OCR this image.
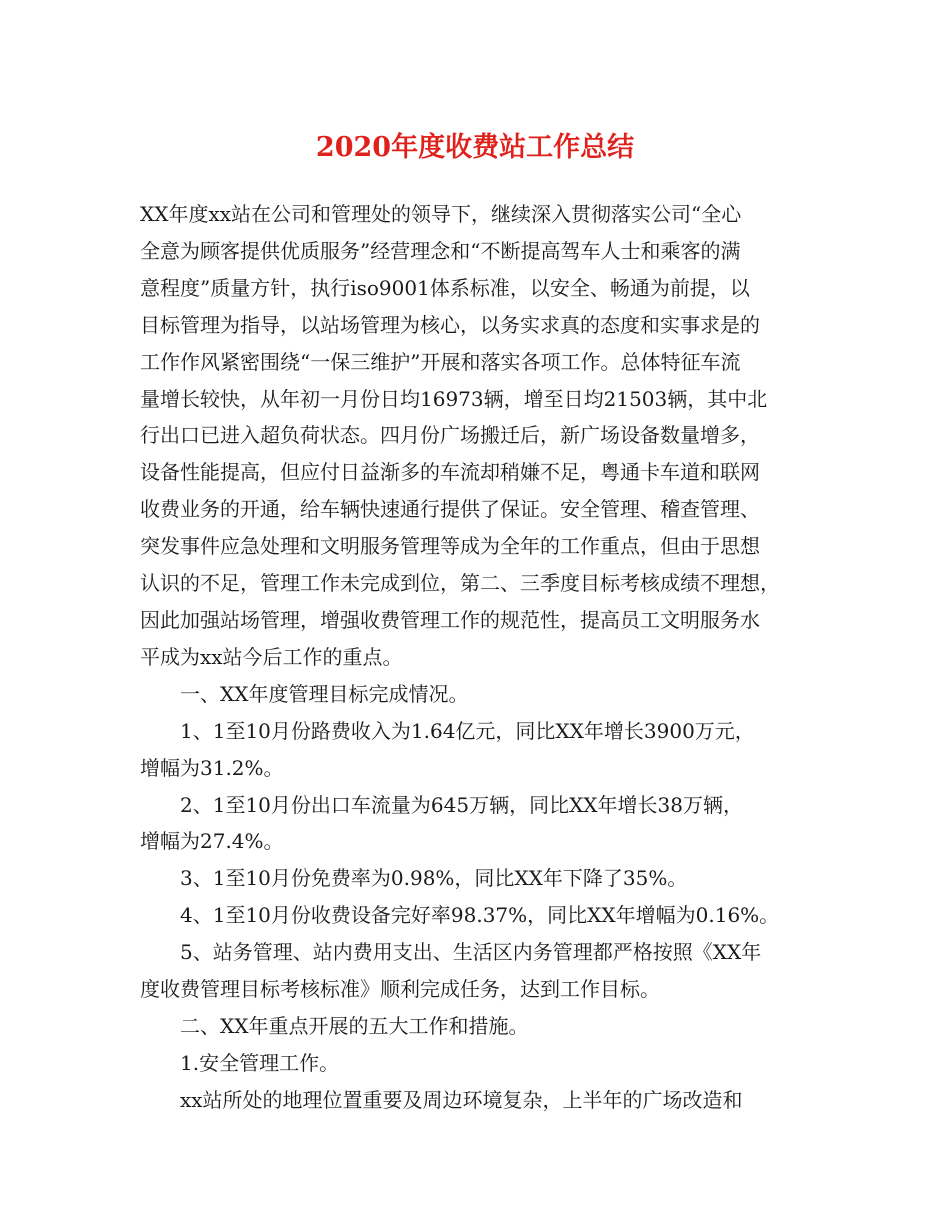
2020年度收费站工作总结

XX年度xx站在公司和管理处的领导下，继续深入贯彻落实公司“全心
全意为顾客提供优质服务”经营理念和“不断提高驾车人士和乘客的满
意程度”质量方针，执行iso9001体系标准，以安全、畅通为前提，以
目标管理为指导，以站场管理为核心，以务实求真的态度和实事求是的
工作作风紧密围绕“一保三维护”开展和落实各项工作。总体特征车流
量增长较快，从年初一月份日均16973辆，增至日均21503辆，其中北
行出口已进入超负荷状态。四月份广场搬迁后，新广场设备数量增多，
设备性能提高，但应付日益渐多的车流却稍嫌不足，粤通卡车道和联网
收费业务的开通，给车辆快速通行提供了保证。安全管理、稽查管理、
突发事件应急处理和文明服务管理等成为全年的工作重点，但由于思想
认识的不足，管理工作未完成到位，第二、三季度目标考核成绩不理想，
因此加强站场管理，增强收费管理工作的规范性，提高员工文明服务水
平成为xx站今后工作的重点。

一、XX年度管理目标完成情况。

1、1至10月份路费收入为1.64亿元，同比XX年增长3900万元，
增幅为31.2%。

2、1至10月份出口车流量为645万辆，同比XX年增长38万辆，
增幅为27.4%。

3、1至10月份免费率为0.98%，同比XX年下降了35%。

4、1至10月份收费设备完好率98.37%，同比XX年增幅为0.16%。

5、站务管理、站内费用支出、生活区内务管理都严格按照《XX年
度收费管理目标考核标准》顺利完成任务，达到工作目标。

二、XX年重点开展的五大工作和措施。

1.安全管理工作。

xx站所处的地理位置重要及周边环境复杂，上半年的广场改造和
